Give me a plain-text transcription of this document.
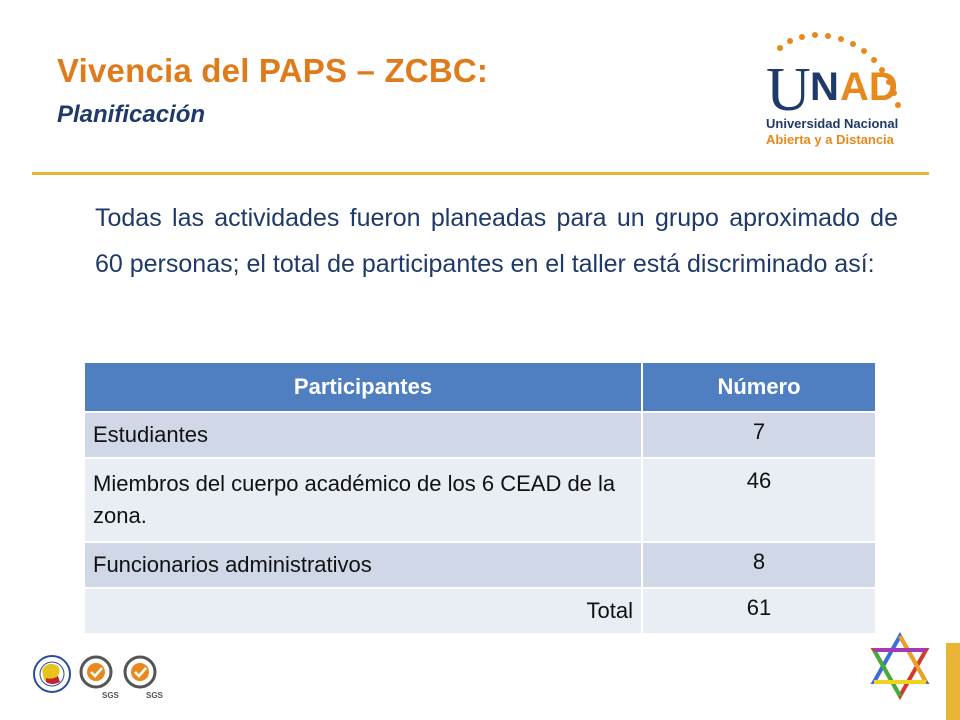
Vivencia del PAPS – ZCBC:
Planificación	U N AD
Universidad Nacional
Abierta y a Distancia
Todas las actividades fueron planeadas para un grupo aproximado de 60 personas; el total de participantes en el taller está discriminado así:
Participantes	Número
Estudiantes	7
Miembros del cuerpo académico de los 6 CEAD de la zona.	46
Funcionarios administrativos	8
Total	61
SGS	SGS
